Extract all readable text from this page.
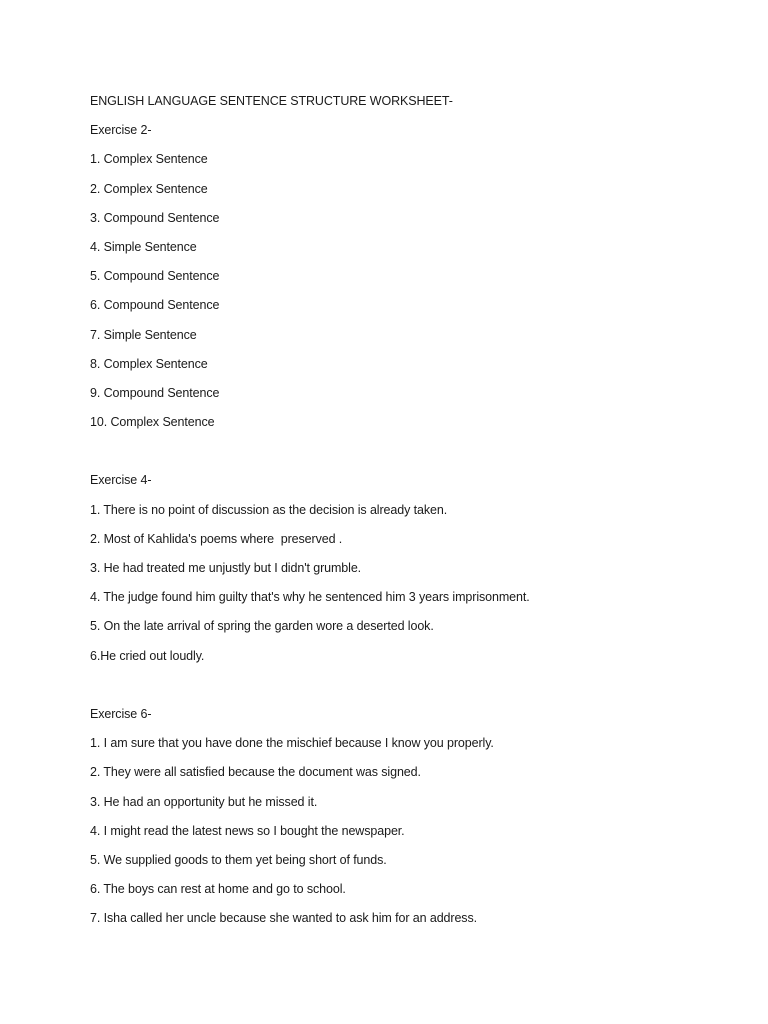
ENGLISH LANGUAGE SENTENCE STRUCTURE WORKSHEET-
Exercise 2-
1. Complex Sentence
2. Complex Sentence
3. Compound Sentence
4. Simple Sentence
5. Compound Sentence
6. Compound Sentence
7. Simple Sentence
8. Complex Sentence
9. Compound Sentence
10. Complex Sentence
Exercise 4-
1. There is no point of discussion as the decision is already taken.
2. Most of Kahlida's poems where  preserved .
3. He had treated me unjustly but I didn't grumble.
4. The judge found him guilty that's why he sentenced him 3 years imprisonment.
5. On the late arrival of spring the garden wore a deserted look.
6.He cried out loudly.
Exercise 6-
1. I am sure that you have done the mischief because I know you properly.
2. They were all satisfied because the document was signed.
3. He had an opportunity but he missed it.
4. I might read the latest news so I bought the newspaper.
5. We supplied goods to them yet being short of funds.
6. The boys can rest at home and go to school.
7. Isha called her uncle because she wanted to ask him for an address.
